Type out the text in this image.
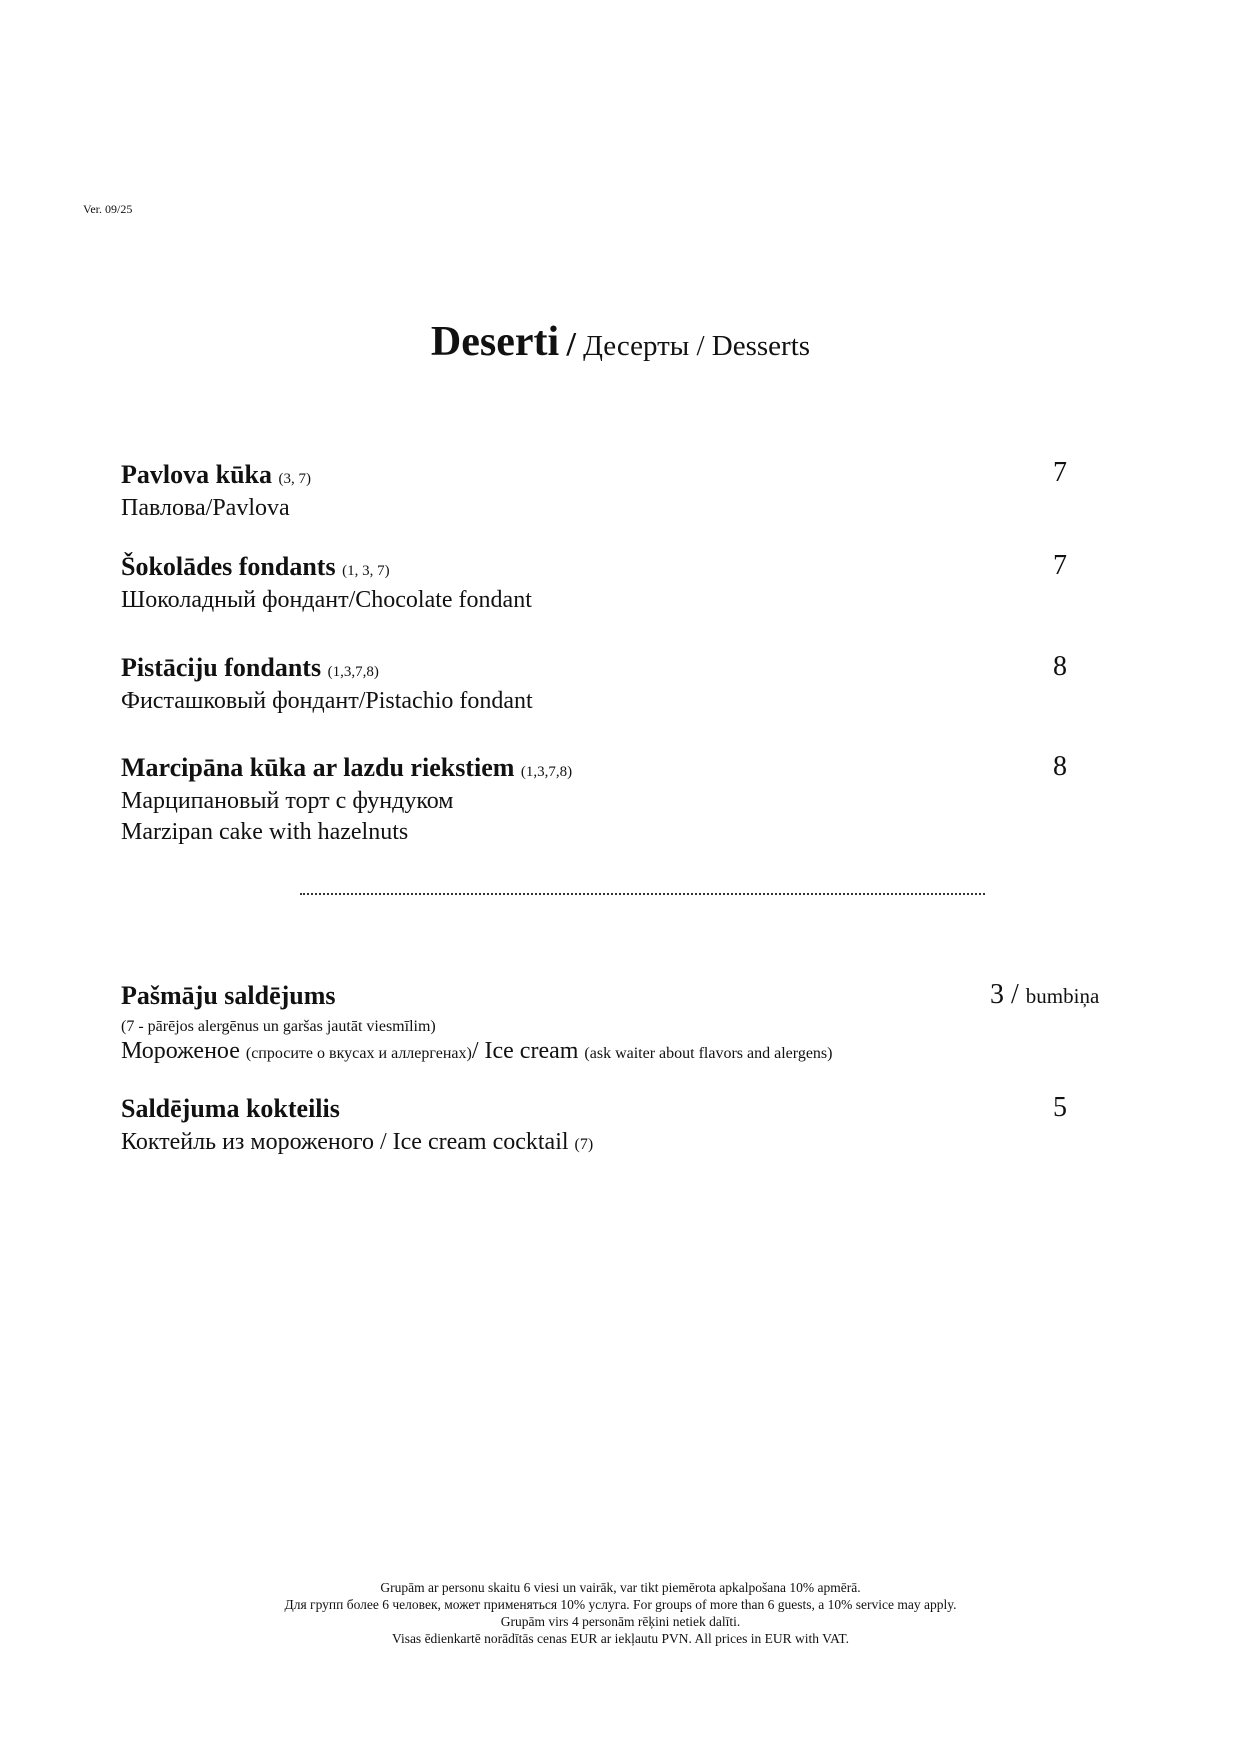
Ver. 09/25
Deserti / Десерты / Desserts
Pavlova kūka (3, 7)	7
Павлова/Pavlova
Šokolādes fondants (1, 3, 7)	7
Шоколадный фондант/Chocolate fondant
Pistāciju fondants (1,3,7,8)	8
Фисташковый фондант/Pistachio fondant
Marcipāna kūka ar lazdu riekstiem (1,3,7,8)	8
Марципановый торт с фундуком
Marzipan cake with hazelnuts
Pašmāju saldējums	3 / bumbiņa
(7 - pārējos alergēnus un garšas jautāt viesmīlim)
Мороженое (спросите о вкусах и аллергенах)/ Ice cream (ask waiter about flavors and alergens)
Saldējuma kokteilis	5
Коктейль из мороженого / Ice cream cocktail (7)
Grupām ar personu skaitu 6 viesi un vairāk, var tikt piemērota apkalpošana 10% apmērā.
Для групп более 6 человек, может применяться 10% услуга. For groups of more than 6 guests, a 10% service may apply.
Grupām virs 4 personām rēķini netiek dalīti.
Visas ēdienkartē norādītās cenas EUR ar iekļautu PVN. All prices in EUR with VAT.
